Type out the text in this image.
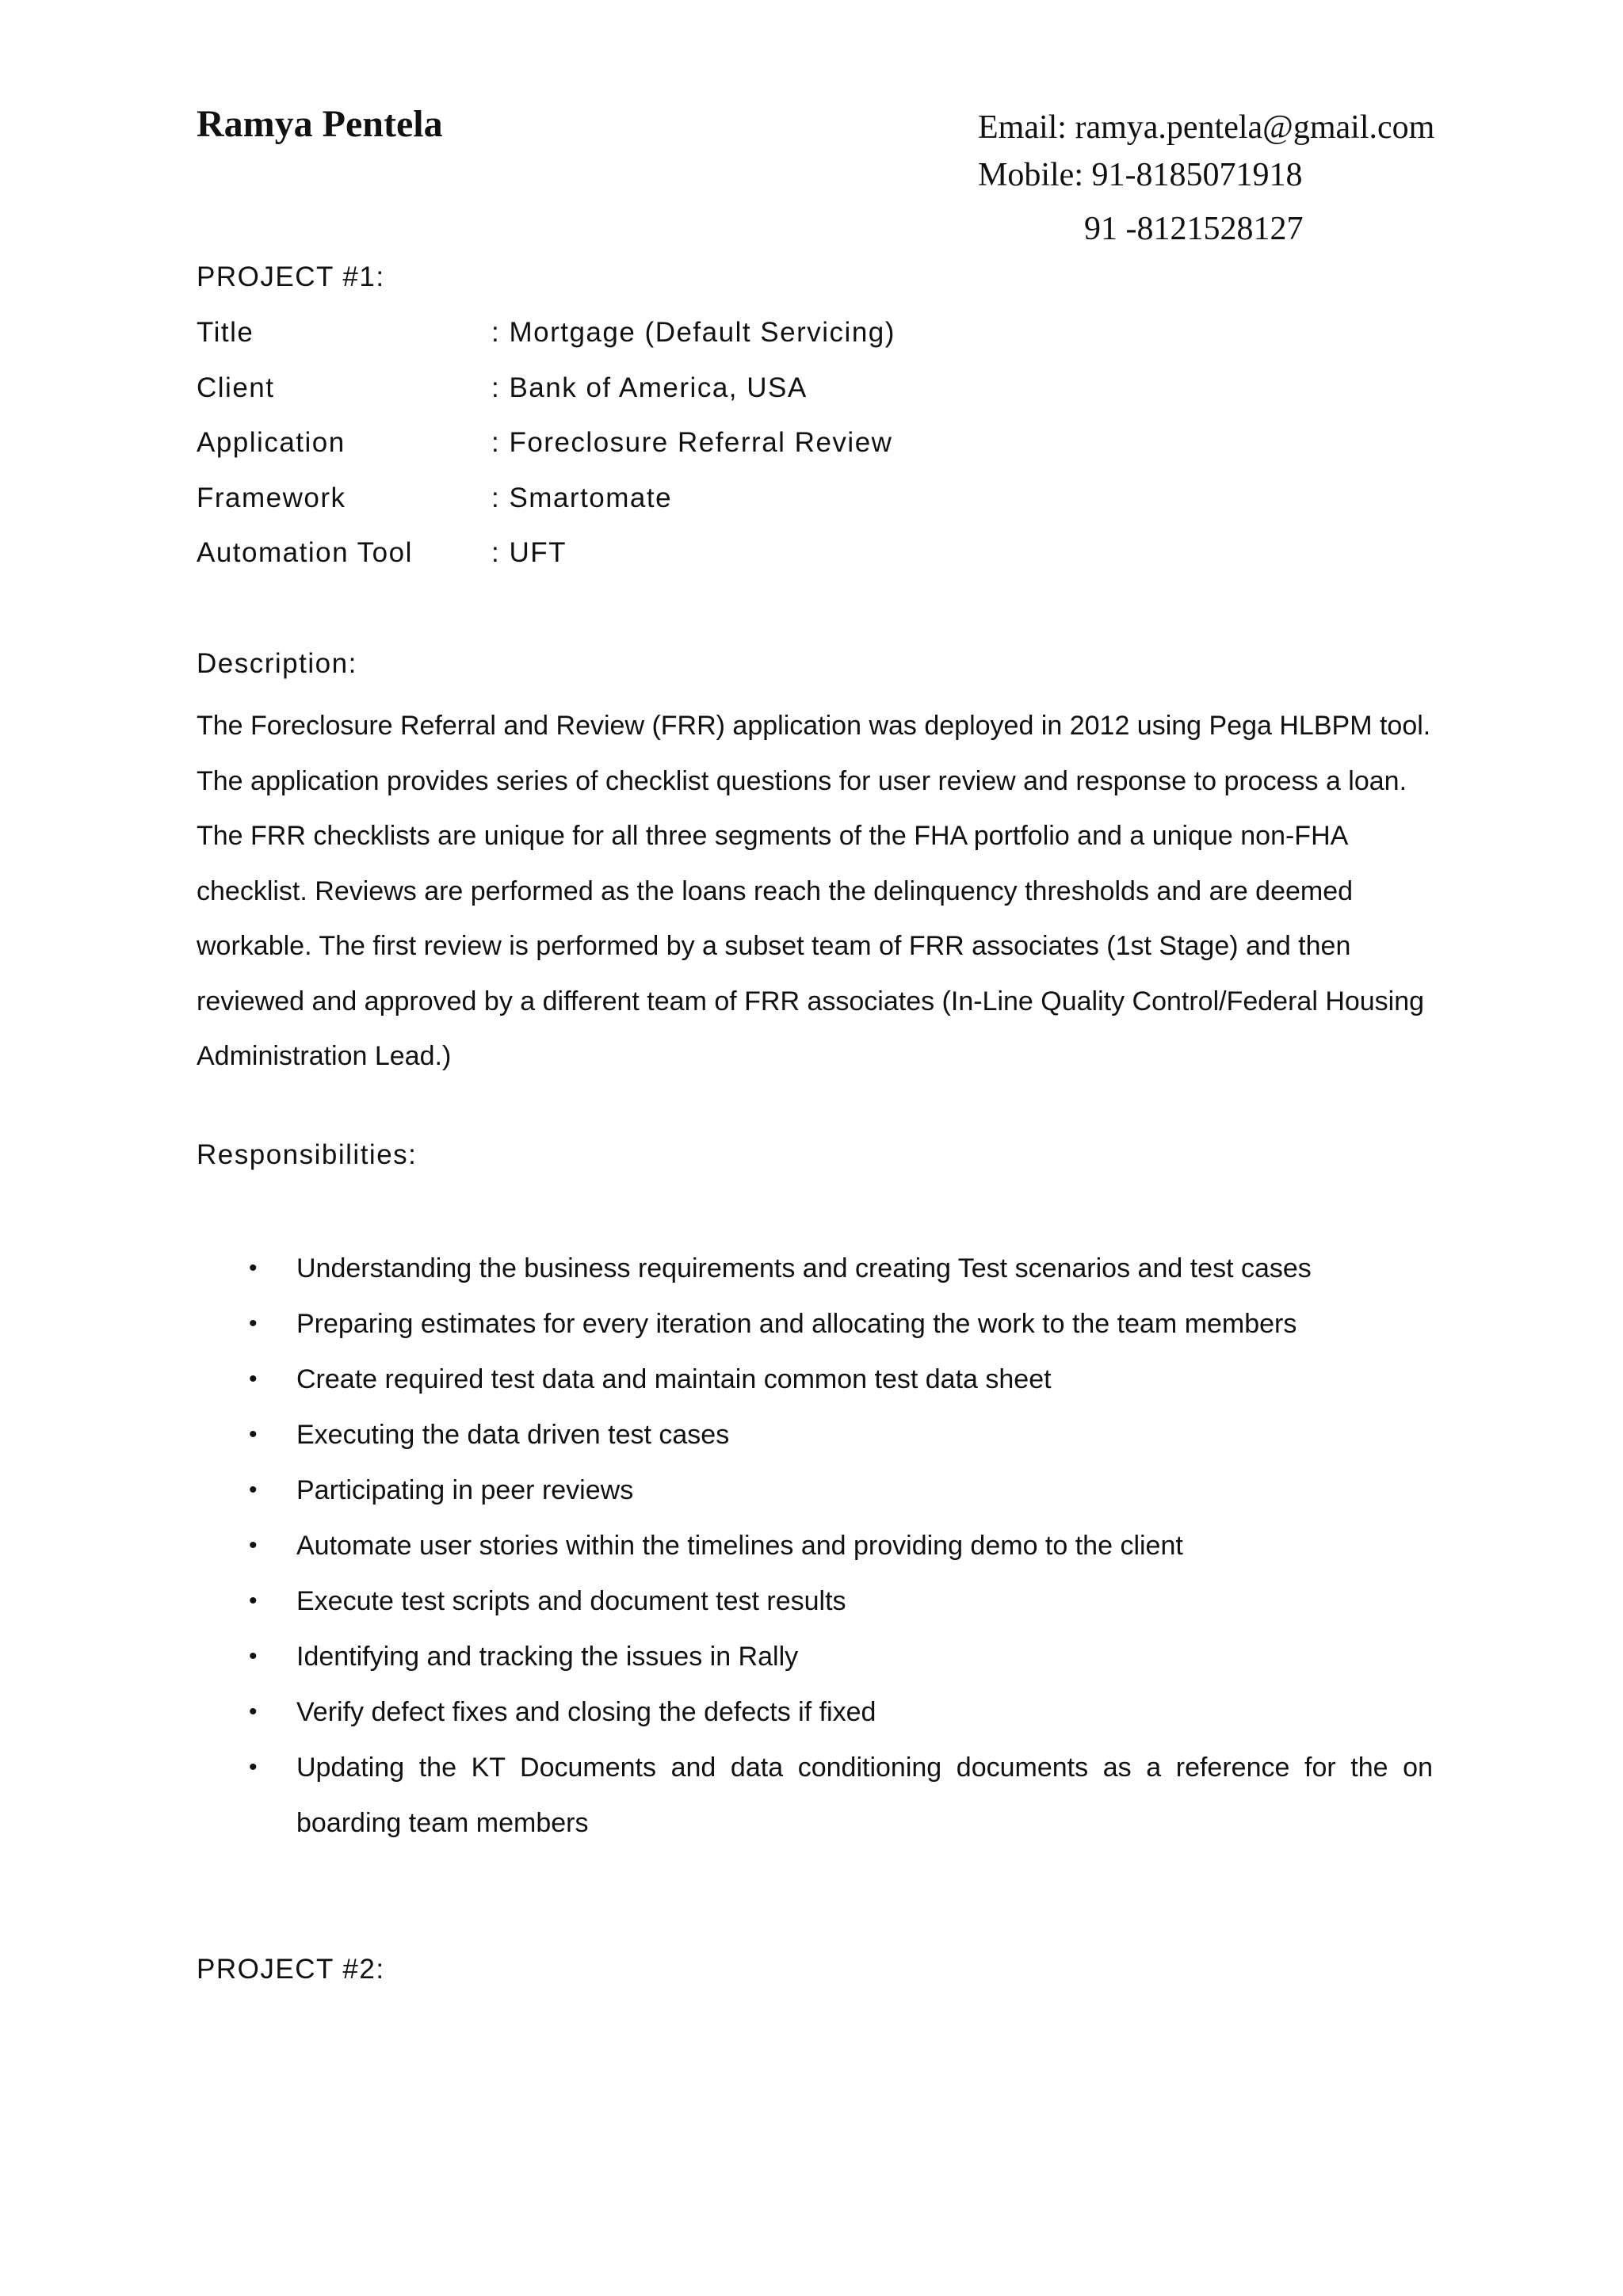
Ramya Pentela	Email: ramya.pentela@gmail.com
Mobile: 91-8185071918
91 -8121528127
PROJECT #1:
Title	: Mortgage (Default Servicing)
Client	: Bank of America, USA
Application	: Foreclosure Referral Review
Framework	: Smartomate
Automation Tool	: UFT
Description:

The Foreclosure Referral and Review (FRR) application was deployed in 2012 using Pega HLBPM tool. The application provides series of checklist questions for user review and response to process a loan. The FRR checklists are unique for all three segments of the FHA portfolio and a unique non-FHA checklist. Reviews are performed as the loans reach the delinquency thresholds and are deemed workable. The first review is performed by a subset team of FRR associates (1st Stage) and then reviewed and approved by a different team of FRR associates (In-Line Quality Control/Federal Housing Administration Lead.)

Responsibilities:
• Understanding the business requirements and creating Test scenarios and test cases
• Preparing estimates for every iteration and allocating the work to the team members
• Create required test data and maintain common test data sheet
• Executing the data driven test cases
• Participating in peer reviews
• Automate user stories within the timelines and providing demo to the client
• Execute test scripts and document test results
• Identifying and tracking the issues in Rally
• Verify defect fixes and closing the defects if fixed
• Updating the KT Documents and data conditioning documents as a reference for the on boarding team members
PROJECT #2:
